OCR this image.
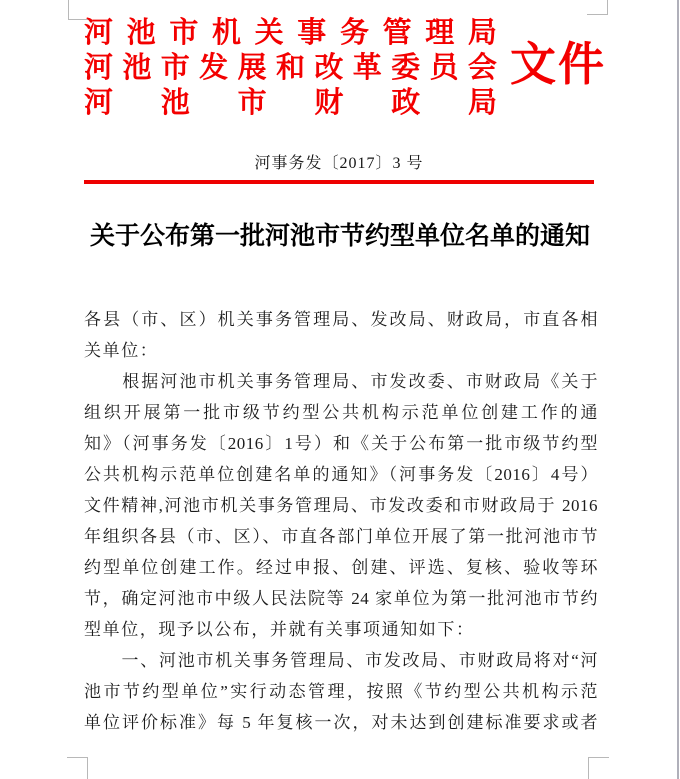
河 池 市 机 关 事 务 管 理 局
河 池 市 发 展 和 改 革 委 员 会
河 池 市 财 政 局
文件
河事务发〔2017〕3 号
关于公布第一批河池市节约型单位名单的通知
各县（市、区）机关事务管理局、发改局、财政局，市直各相
关单位：
　　根据河池市机关事务管理局、市发改委、市财政局《关于
组织开展第一批市级节约型公共机构示范单位创建工作的通
知》（河事务发〔2016〕1号）和《关于公布第一批市级节约型
公共机构示范单位创建名单的通知》（河事务发〔2016〕4号）
文件精神,河池市机关事务管理局、市发改委和市财政局于 2016
年组织各县（市、区）、市直各部门单位开展了第一批河池市节
约型单位创建工作。经过申报、创建、评选、复核、验收等环
节，确定河池市中级人民法院等 24 家单位为第一批河池市节约
型单位，现予以公布，并就有关事项通知如下：
　　一、河池市机关事务管理局、市发改局、市财政局将对“河
池市节约型单位”实行动态管理，按照《节约型公共机构示范
单位评价标准》每 5 年复核一次，对未达到创建标准要求或者
